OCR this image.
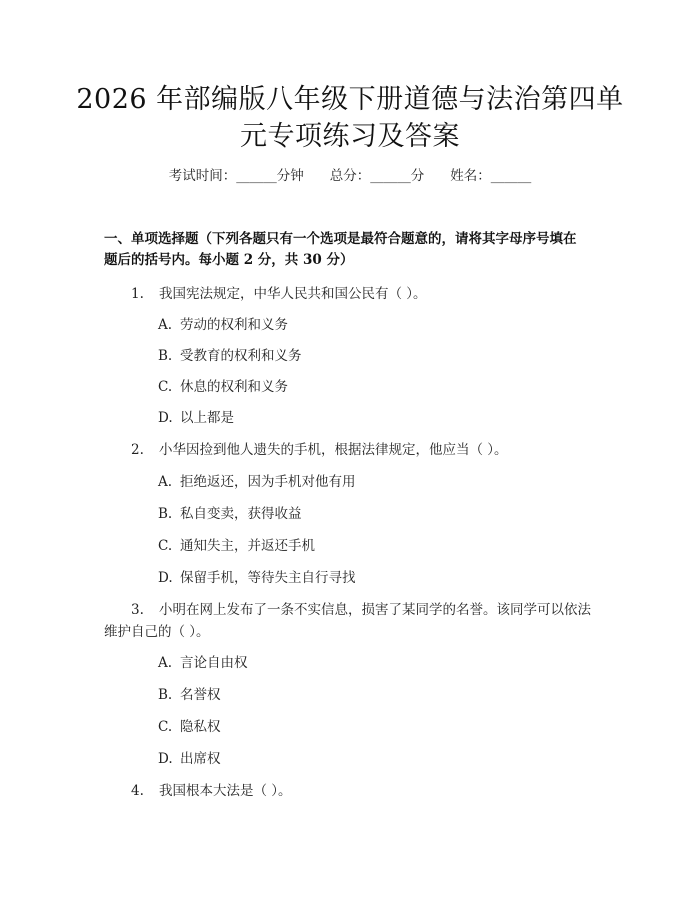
2026 年部编版八年级下册道德与法治第四单
元专项练习及答案
考试时间：______分钟 总分：______分 姓名：______
一、单项选择题（下列各题只有一个选项是最符合题意的，请将其字母序号填在
题后的括号内。每小题 2 分，共 30 分）
1. 我国宪法规定，中华人民共和国公民有（ ）。
A. 劳动的权利和义务
B. 受教育的权利和义务
C. 休息的权利和义务
D. 以上都是
2. 小华因捡到他人遗失的手机，根据法律规定，他应当（ ）。
A. 拒绝返还，因为手机对他有用
B. 私自变卖，获得收益
C. 通知失主，并返还手机
D. 保留手机，等待失主自行寻找
3. 小明在网上发布了一条不实信息，损害了某同学的名誉。该同学可以依法
维护自己的（ ）。
A. 言论自由权
B. 名誉权
C. 隐私权
D. 出席权
4. 我国根本大法是（ ）。
